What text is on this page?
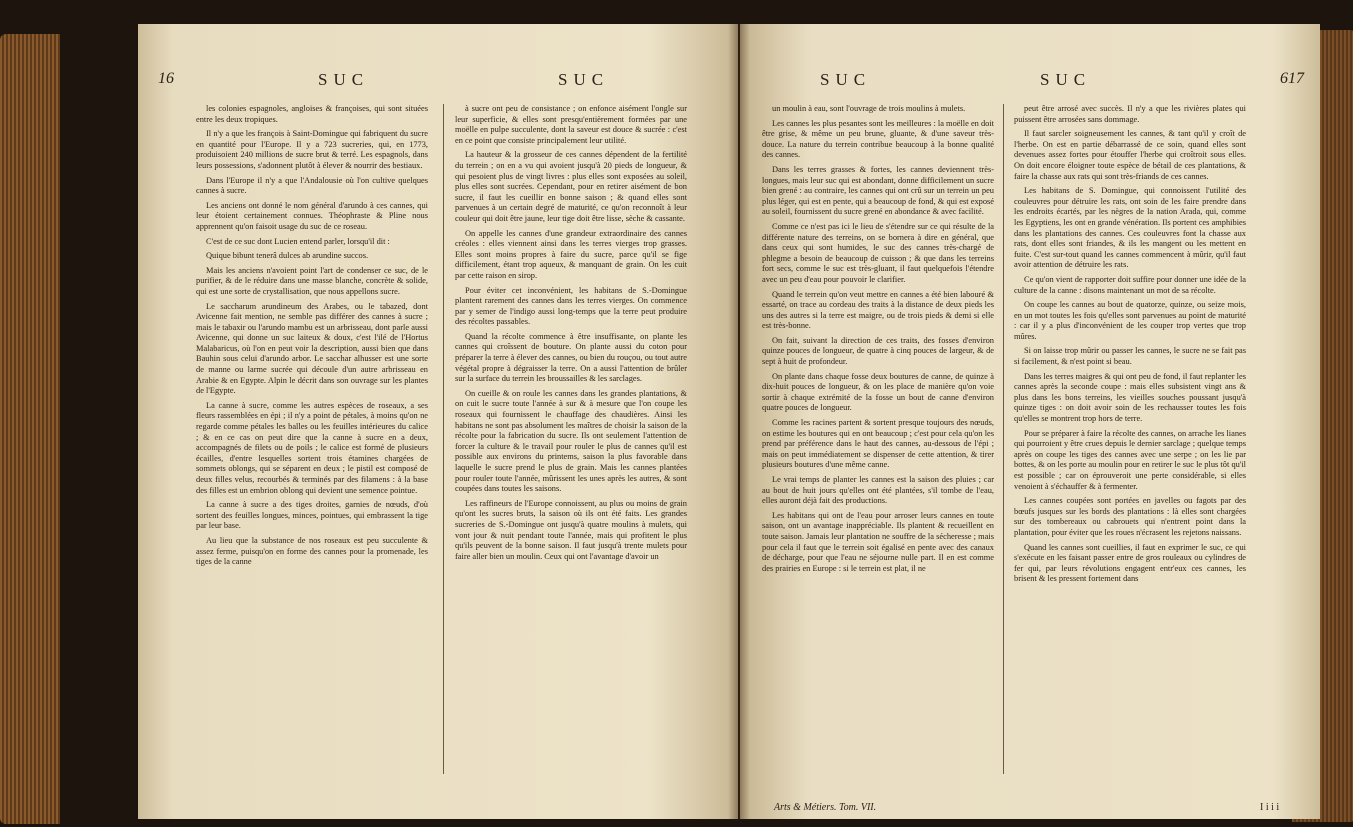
16	SUC	SUC

les colonies espagnoles, angloises & françoises, qui sont situées entre les deux tropiques.

Il n'y a que les françois à Saint-Domingue qui fabriquent du sucre en quantité pour l'Europe. Il y a 723 sucreries, qui, en 1773, produisoient 240 millions de sucre brut & terré. Les espagnols, dans leurs possessions, s'adonnent plutôt à élever & nourrir des bestiaux.

Dans l'Europe il n'y a que l'Andalousie où l'on cultive quelques cannes à sucre.

Les anciens ont donné le nom général d'arundo à ces cannes, qui leur étoient certainement connues. Théophraste & Pline nous apprennent qu'on faisoit usage du suc de ce roseau.

C'est de ce suc dont Lucien entend parler, lorsqu'il dit :

Quique bibunt tenerâ dulces ab arundine succos.

Mais les anciens n'avoient point l'art de condenser ce suc, de le purifier, & de le réduire dans une masse blanche, concrète & solide, qui est une sorte de crystallisation, que nous appellons sucre.

Le saccharum arundineum des Arabes, ou le tabazed, dont Avicenne fait mention, ne semble pas différer des cannes à sucre ; mais le tabaxir ou l'arundo mambu est un arbrisseau, dont parle aussi Avicenne, qui donne un suc laiteux & doux, c'est l'ilé de l'Hortus Malabaricus, où l'on en peut voir la description, aussi bien que dans Bauhin sous celui d'arundo arbor. Le sacchar alhusser est une sorte de manne ou larme sucrée qui découle d'un autre arbrisseau en Arabie & en Egypte. Alpin le décrit dans son ouvrage sur les plantes de l'Egypte.

La canne à sucre, comme les autres espèces de roseaux, a ses fleurs rassemblées en épi ; il n'y a point de pétales, à moins qu'on ne regarde comme pétales les balles ou les feuilles intérieures du calice ; & en ce cas on peut dire que la canne à sucre en a deux, accompagnés de filets ou de poils ; le calice est formé de plusieurs écailles, d'entre lesquelles sortent trois étamines chargées de sommets oblongs, qui se séparent en deux ; le pistil est composé de deux filles velus, recourbés & terminés par des filamens : à la base des filles est un embrion oblong qui devient une semence pointue.

La canne à sucre a des tiges droites, garnies de nœuds, d'où sortent des feuilles longues, minces, pointues, qui embrassent la tige par leur base.

Au lieu que la substance de nos roseaux est peu succulente & assez ferme, puisqu'on en forme des cannes pour la promenade, les tiges de la canne

à sucre ont peu de consistance ; on enfonce aisément l'ongle sur leur superficie, & elles sont presqu'entièrement formées par une moëlle en pulpe succulente, dont la saveur est douce & sucrée : c'est en ce point que consiste principalement leur utilité.

La hauteur & la grosseur de ces cannes dépendent de la fertilité du terrein ; on en a vu qui avoient jusqu'à 20 pieds de longueur, & qui pesoient plus de vingt livres : plus elles sont exposées au soleil, plus elles sont sucrées. Cependant, pour en retirer aisément de bon sucre, il faut les cueillir en bonne saison ; & quand elles sont parvenues à un certain degré de maturité, ce qu'on reconnoît à leur couleur qui doit être jaune, leur tige doit être lisse, sèche & cassante.

On appelle les cannes d'une grandeur extraordinaire des cannes créoles : elles viennent ainsi dans les terres vierges trop grasses. Elles sont moins propres à faire du sucre, parce qu'il se fige difficilement, étant trop aqueux, & manquant de grain. On les cuit par cette raison en sirop.

Pour éviter cet inconvénient, les habitans de S.-Domingue plantent rarement des cannes dans les terres vierges. On commence par y semer de l'indigo aussi long-temps que la terre peut produire des récoltes passables.

Quand la récolte commence à être insuffisante, on plante les cannes qui croîssent de bouture. On plante aussi du coton pour préparer la terre à élever des cannes, ou bien du rouçou, ou tout autre végétal propre à dégraisser la terre. On a aussi l'attention de brûler sur la surface du terrein les broussailles & les sarclages.

On cueille & on roule les cannes dans les grandes plantations, & on cuit le sucre toute l'année à sur & à mesure que l'on coupe les roseaux qui fournissent le chauffage des chaudières. Ainsi les habitans ne sont pas absolument les maîtres de choisir la saison de la récolte pour la fabrication du sucre. Ils ont seulement l'attention de forcer la culture & le travail pour rouler le plus de cannes qu'il est possible aux environs du printems, saison la plus favorable dans laquelle le sucre prend le plus de grain. Mais les cannes plantées pour rouler toute l'année, mûrissent les unes après les autres, & sont coupées dans toutes les saisons.

Les raffineurs de l'Europe connoissent, au plus ou moins de grain qu'ont les sucres bruts, la saison où ils ont été faits. Les grandes sucreries de S.-Domingue ont jusqu'à quatre moulins à mulets, qui vont jour & nuit pendant toute l'année, mais qui profitent le plus qu'ils peuvent de la bonne saison. Il faut jusqu'à trente mulets pour faire aller bien un moulin. Ceux qui ont l'avantage d'avoir un

SUC	SUC	617

un moulin à eau, sont l'ouvrage de trois moulins à mulets.

Les cannes les plus pesantes sont les meilleures : la moëlle en doit être grise, & même un peu brune, gluante, & d'une saveur très-douce. La nature du terrein contribue beaucoup à la bonne qualité des cannes.

Dans les terres grasses & fortes, les cannes deviennent très-longues, mais leur suc qui est abondant, donne difficilement un sucre bien grené : au contraire, les cannes qui ont crû sur un terrein un peu plus léger, qui est en pente, qui a beaucoup de fond, & qui est exposé au soleil, fournissent du sucre grené en abondance & avec facilité.

Comme ce n'est pas ici le lieu de s'étendre sur ce qui résulte de la différente nature des terreins, on se bornera à dire en général, que dans ceux qui sont humides, le suc des cannes très-chargé de phlegme a besoin de beaucoup de cuisson ; & que dans les terreins fort secs, comme le suc est très-gluant, il faut quelquefois l'étendre avec un peu d'eau pour pouvoir le clarifier.

Quand le terrein qu'on veut mettre en cannes a été bien labouré & essarté, on trace au cordeau des traits à la distance de deux pieds les uns des autres si la terre est maigre, ou de trois pieds & demi si elle est très-bonne.

On fait, suivant la direction de ces traits, des fosses d'environ quinze pouces de longueur, de quatre à cinq pouces de largeur, & de sept à huit de profondeur.

On plante dans chaque fosse deux boutures de canne, de quinze à dix-huit pouces de longueur, & on les place de manière qu'on voie sortir à chaque extrémité de la fosse un bout de canne d'environ quatre pouces de longueur.

Comme les racines partent & sortent presque toujours des nœuds, on estime les boutures qui en ont beaucoup ; c'est pour cela qu'on les prend par préférence dans le haut des cannes, au-dessous de l'épi ; mais on peut immédiatement se dispenser de cette attention, & tirer plusieurs boutures d'une même canne.

Le vrai temps de planter les cannes est la saison des pluies ; car au bout de huit jours qu'elles ont été plantées, s'il tombe de l'eau, elles auront déjà fait des productions.

Les habitans qui ont de l'eau pour arroser leurs cannes en toute saison, ont un avantage inappréciable. Ils plantent & recueillent en toute saison. Jamais leur plantation ne souffre de la sécheresse ; mais pour cela il faut que le terrein soit égalisé en pente avec des canaux de décharge, pour que l'eau ne séjourne nulle part. Il en est comme des prairies en Europe : si le terrein est plat, il ne

peut être arrosé avec succès. Il n'y a que les rivières plates qui puissent être arrosées sans dommage.

Il faut sarcler soigneusement les cannes, & tant qu'il y croît de l'herbe. On est en partie débarrassé de ce soin, quand elles sont devenues assez fortes pour étouffer l'herbe qui croîtroit sous elles. On doit encore éloigner toute espèce de bétail de ces plantations, & faire la chasse aux rats qui sont très-friands de ces cannes.

Les habitans de S. Domingue, qui connoissent l'utilité des couleuvres pour détruire les rats, ont soin de les faire prendre dans les endroits écartés, par les nègres de la nation Arada, qui, comme les Egyptiens, les ont en grande vénération. Ils portent ces amphibies dans les plantations des cannes. Ces couleuvres font la chasse aux rats, dont elles sont friandes, & ils les mangent ou les mettent en fuite. C'est sur-tout quand les cannes commencent à mûrir, qu'il faut avoir attention de détruire les rats.

Ce qu'on vient de rapporter doit suffire pour donner une idée de la culture de la canne : disons maintenant un mot de sa récolte.

On coupe les cannes au bout de quatorze, quinze, ou seize mois, en un mot toutes les fois qu'elles sont parvenues au point de maturité : car il y a plus d'inconvénient de les couper trop vertes que trop mûres.

Si on laisse trop mûrir ou passer les cannes, le sucre ne se fait pas si facilement, & n'est point si beau.

Dans les terres maigres & qui ont peu de fond, il faut replanter les cannes après la seconde coupe : mais elles subsistent vingt ans & plus dans les bons terreins, les vieilles souches poussant jusqu'à quinze tiges : on doit avoir soin de les rechausser toutes les fois qu'elles se montrent trop hors de terre.

Pour se préparer à faire la récolte des cannes, on arrache les lianes qui pourroient y être crues depuis le dernier sarclage ; quelque temps après on coupe les tiges des cannes avec une serpe ; on les lie par bottes, & on les porte au moulin pour en retirer le suc le plus tôt qu'il est possible ; car on éprouveroit une perte considérable, si elles venoient à s'échauffer & à fermenter.

Les cannes coupées sont portées en javelles ou fagots par des bœufs jusques sur les bords des plantations : là elles sont chargées sur des tombereaux ou cabrouets qui n'entrent point dans la plantation, pour éviter que les roues n'écrasent les rejetons naissans.

Quand les cannes sont cueillies, il faut en exprimer le suc, ce qui s'exécute en les faisant passer entre de gros rouleaux ou cylindres de fer qui, par leurs révolutions engagent entr'eux ces cannes, les brisent & les pressent fortement dans

Arts & Métiers. Tom. VII.	I i i i
